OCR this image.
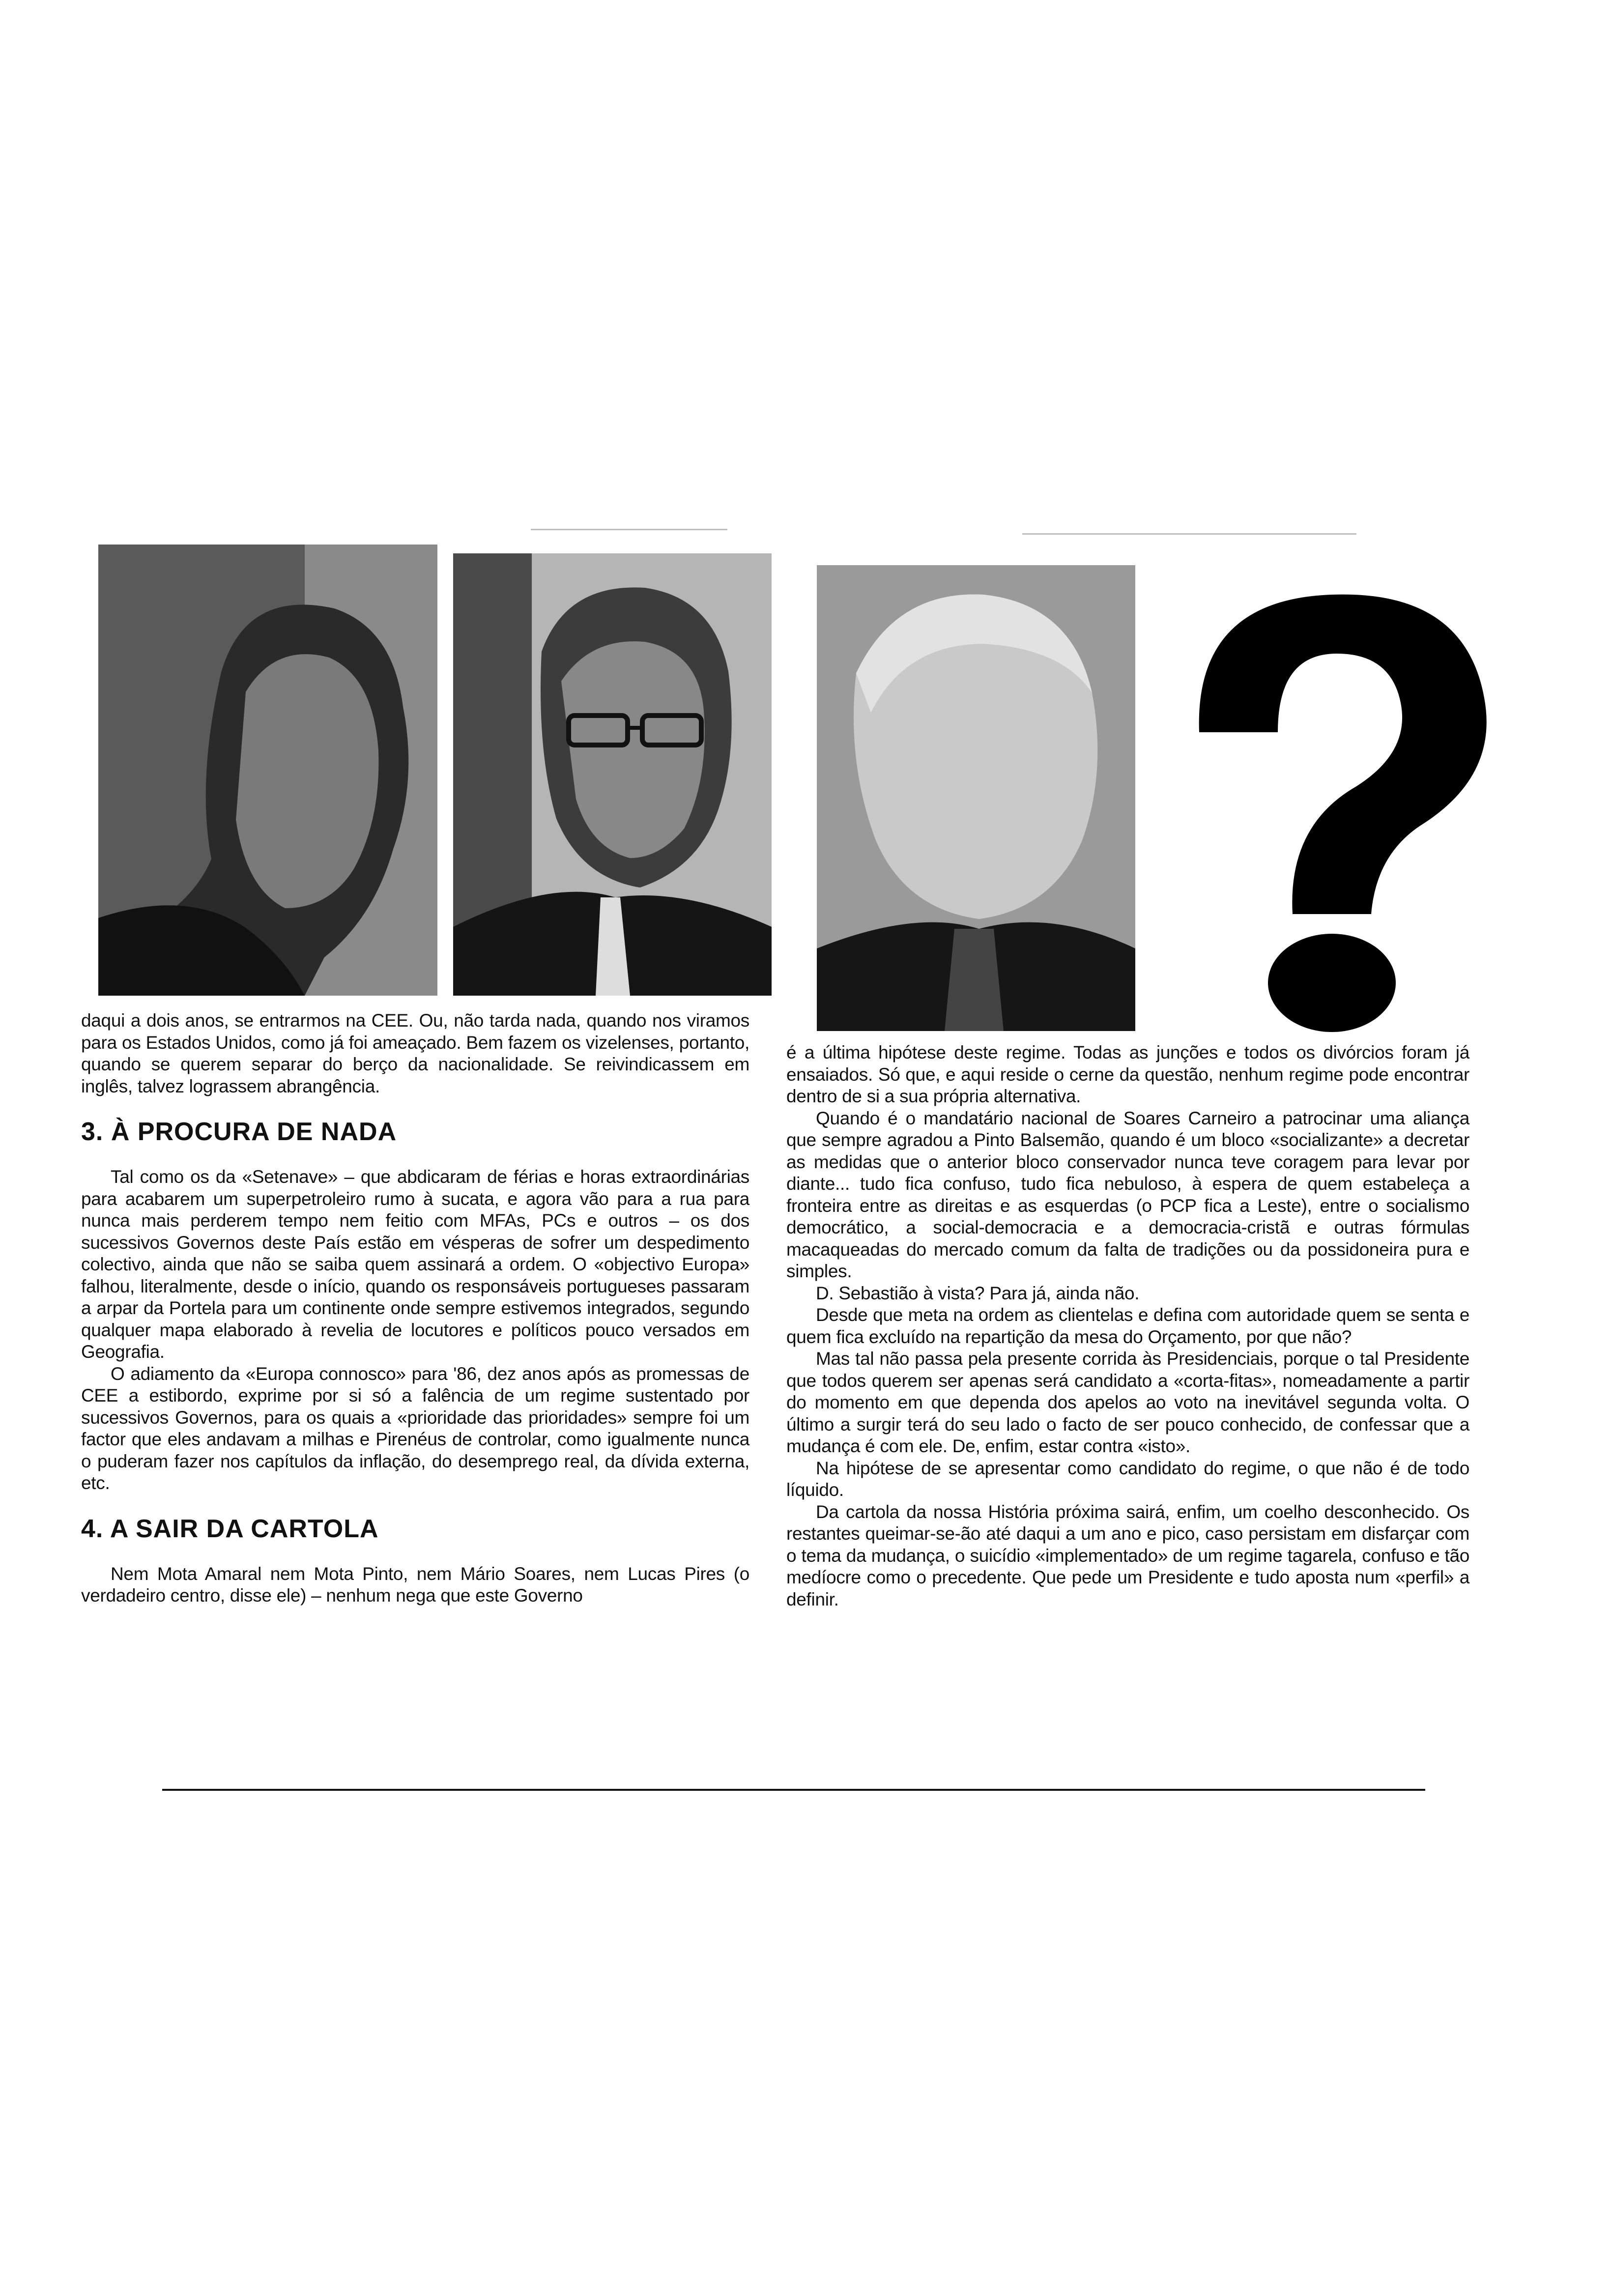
daqui a dois anos, se entrarmos na CEE. Ou, não tarda nada, quando nos viramos para os Estados Unidos, como já foi ameaçado. Bem fazem os vizelenses, portanto, quando se querem separar do berço da nacionalidade. Se reivindicassem em inglês, talvez lograssem abrangência.

3. À PROCURA DE NADA

Tal como os da «Setenave» – que abdicaram de férias e horas extraordinárias para acabarem um superpetroleiro rumo à sucata, e agora vão para a rua para nunca mais perderem tempo nem feitio com MFAs, PCs e outros – os dos sucessivos Governos deste País estão em vésperas de sofrer um despedimento colectivo, ainda que não se saiba quem assinará a ordem. O «objectivo Europa» falhou, literalmente, desde o início, quando os responsáveis portugueses passaram a arpar da Portela para um continente onde sempre estivemos integrados, segundo qualquer mapa elaborado à revelia de locutores e políticos pouco versados em Geografia.

O adiamento da «Europa connosco» para '86, dez anos após as promessas de CEE a estibordo, exprime por si só a falência de um regime sustentado por sucessivos Governos, para os quais a «prioridade das prioridades» sempre foi um factor que eles andavam a milhas e Pirenéus de controlar, como igualmente nunca o puderam fazer nos capítulos da inflação, do desemprego real, da dívida externa, etc.

4. A SAIR DA CARTOLA

Nem Mota Amaral nem Mota Pinto, nem Mário Soares, nem Lucas Pires (o verdadeiro centro, disse ele) – nenhum nega que este Governo

é a última hipótese deste regime. Todas as junções e todos os divórcios foram já ensaiados. Só que, e aqui reside o cerne da questão, nenhum regime pode encontrar dentro de si a sua própria alternativa.

Quando é o mandatário nacional de Soares Carneiro a patrocinar uma aliança que sempre agradou a Pinto Balsemão, quando é um bloco «socializante» a decretar as medidas que o anterior bloco conservador nunca teve coragem para levar por diante... tudo fica confuso, tudo fica nebuloso, à espera de quem estabeleça a fronteira entre as direitas e as esquerdas (o PCP fica a Leste), entre o socialismo democrático, a social-democracia e a democracia-cristã e outras fórmulas macaqueadas do mercado comum da falta de tradições ou da possidoneira pura e simples.

D. Sebastião à vista? Para já, ainda não.

Desde que meta na ordem as clientelas e defina com autoridade quem se senta e quem fica excluído na repartição da mesa do Orçamento, por que não?

Mas tal não passa pela presente corrida às Presidenciais, porque o tal Presidente que todos querem ser apenas será candidato a «corta-fitas», nomeadamente a partir do momento em que dependa dos apelos ao voto na inevitável segunda volta. O último a surgir terá do seu lado o facto de ser pouco conhecido, de confessar que a mudança é com ele. De, enfim, estar contra «isto».

Na hipótese de se apresentar como candidato do regime, o que não é de todo líquido.

Da cartola da nossa História próxima sairá, enfim, um coelho desconhecido. Os restantes queimar-se-ão até daqui a um ano e pico, caso persistam em disfarçar com o tema da mudança, o suicídio «implementado» de um regime tagarela, confuso e tão medíocre como o precedente. Que pede um Presidente e tudo aposta num «perfil» a definir.
